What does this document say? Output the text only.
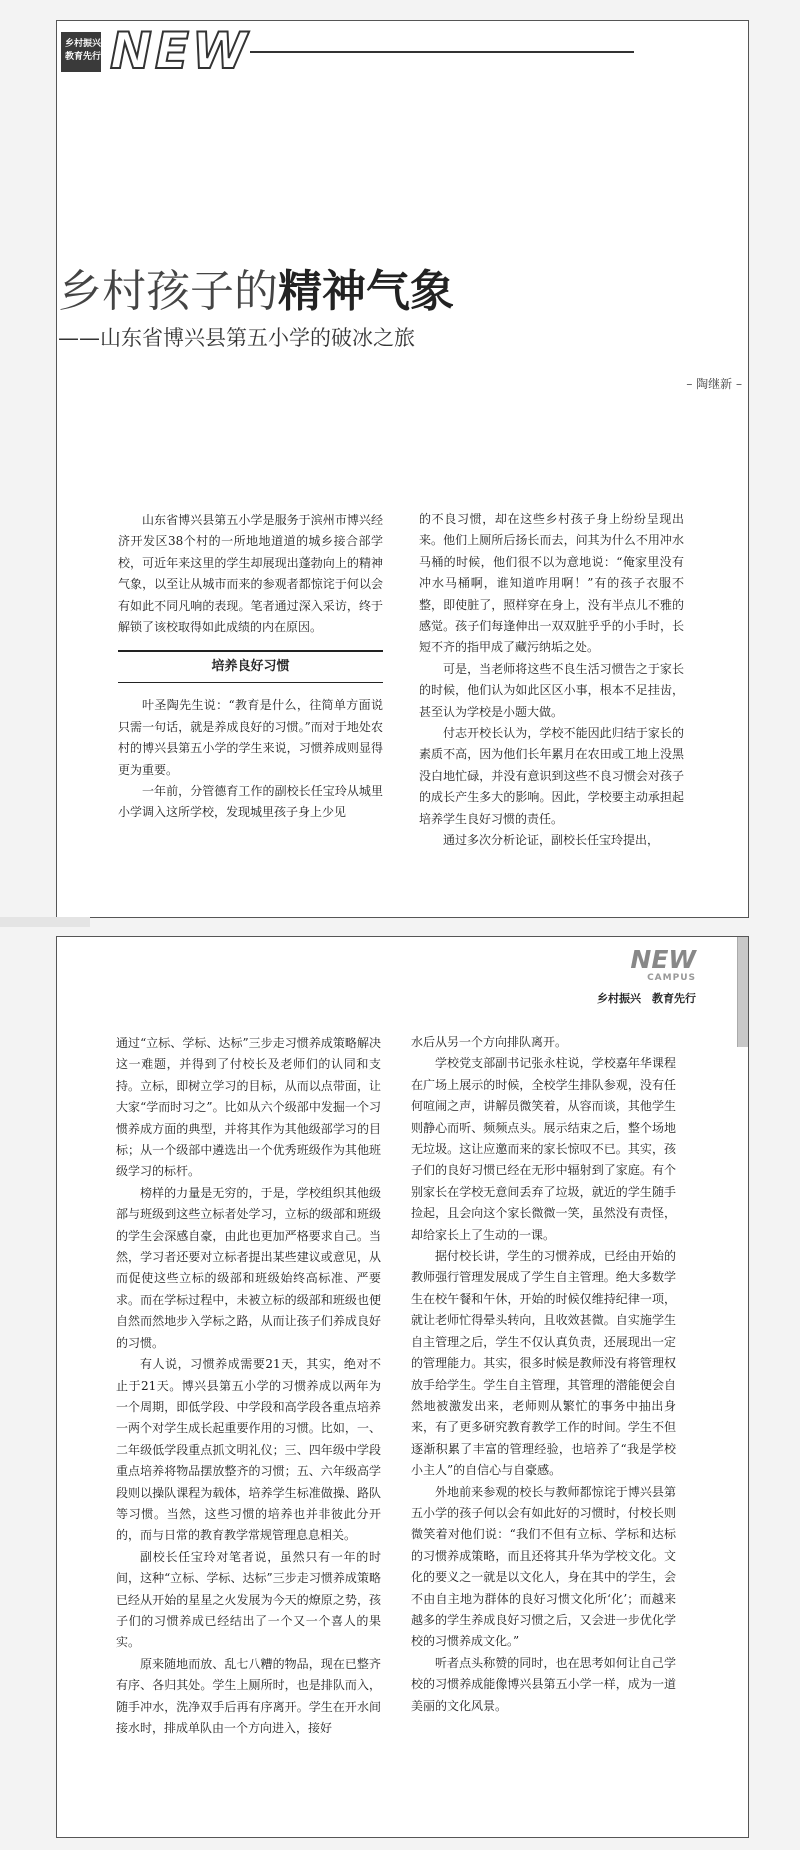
乡村振兴
教育先行 NEW
乡村孩子的精神气象
——山东省博兴县第五小学的破冰之旅
– 陶继新 –

山东省博兴县第五小学是服务于滨州市博兴经济开发区38个村的一所地地道道的城乡接合部学校，可近年来这里的学生却展现出蓬勃向上的精神气象，以至让从城市而来的参观者都惊诧于何以会有如此不同凡响的表现。笔者通过深入采访，终于解锁了该校取得如此成绩的内在原因。

培养良好习惯

叶圣陶先生说：“教育是什么，往简单方面说只需一句话，就是养成良好的习惯。”而对于地处农村的博兴县第五小学的学生来说，习惯养成则显得更为重要。

一年前，分管德育工作的副校长任宝玲从城里小学调入这所学校，发现城里孩子身上少见

的不良习惯，却在这些乡村孩子身上纷纷呈现出来。他们上厕所后扬长而去，问其为什么不用冲水马桶的时候，他们很不以为意地说：“俺家里没有冲水马桶啊，谁知道咋用啊！”有的孩子衣服不整，即使脏了，照样穿在身上，没有半点儿不雅的感觉。孩子们每逢伸出一双双脏乎乎的小手时，长短不齐的指甲成了藏污纳垢之处。

可是，当老师将这些不良生活习惯告之于家长的时候，他们认为如此区区小事，根本不足挂齿，甚至认为学校是小题大做。

付志开校长认为，学校不能因此归结于家长的素质不高，因为他们长年累月在农田或工地上没黑没白地忙碌，并没有意识到这些不良习惯会对孩子的成长产生多大的影响。因此，学校要主动承担起培养学生良好习惯的责任。

通过多次分析论证，副校长任宝玲提出，

NEW
CAMPUS
乡村振兴　教育先行

通过“立标、学标、达标”三步走习惯养成策略解决这一难题，并得到了付校长及老师们的认同和支持。立标，即树立学习的目标，从而以点带面，让大家“学而时习之”。比如从六个级部中发掘一个习惯养成方面的典型，并将其作为其他级部学习的目标；从一个级部中遴选出一个优秀班级作为其他班级学习的标杆。

榜样的力量是无穷的，于是，学校组织其他级部与班级到这些立标者处学习，立标的级部和班级的学生会深感自豪，由此也更加严格要求自己。当然，学习者还要对立标者提出某些建议或意见，从而促使这些立标的级部和班级始终高标准、严要求。而在学标过程中，未被立标的级部和班级也便自然而然地步入学标之路，从而让孩子们养成良好的习惯。

有人说，习惯养成需要21天，其实，绝对不止于21天。博兴县第五小学的习惯养成以两年为一个周期，即低学段、中学段和高学段各重点培养一两个对学生成长起重要作用的习惯。比如，一、二年级低学段重点抓文明礼仪；三、四年级中学段重点培养将物品摆放整齐的习惯；五、六年级高学段则以操队课程为载体，培养学生标准做操、路队等习惯。当然，这些习惯的培养也并非彼此分开的，而与日常的教育教学常规管理息息相关。

副校长任宝玲对笔者说，虽然只有一年的时间，这种“立标、学标、达标”三步走习惯养成策略已经从开始的星星之火发展为今天的燎原之势，孩子们的习惯养成已经结出了一个又一个喜人的果实。

原来随地而放、乱七八糟的物品，现在已整齐有序、各归其处。学生上厕所时，也是排队而入，随手冲水，洗净双手后再有序离开。学生在开水间接水时，排成单队由一个方向进入，接好

水后从另一个方向排队离开。

学校党支部副书记张永柱说，学校嘉年华课程在广场上展示的时候，全校学生排队参观，没有任何喧闹之声，讲解员微笑着，从容而谈，其他学生则静心而听、频频点头。展示结束之后，整个场地无垃圾。这让应邀而来的家长惊叹不已。其实，孩子们的良好习惯已经在无形中辐射到了家庭。有个别家长在学校无意间丢弃了垃圾，就近的学生随手捡起，且会向这个家长微微一笑，虽然没有责怪，却给家长上了生动的一课。

据付校长讲，学生的习惯养成，已经由开始的教师强行管理发展成了学生自主管理。绝大多数学生在校午餐和午休，开始的时候仅维持纪律一项，就让老师忙得晕头转向，且收效甚微。自实施学生自主管理之后，学生不仅认真负责，还展现出一定的管理能力。其实，很多时候是教师没有将管理权放手给学生。学生自主管理，其管理的潜能便会自然地被激发出来，老师则从繁忙的事务中抽出身来，有了更多研究教育教学工作的时间。学生不但逐渐积累了丰富的管理经验，也培养了“我是学校小主人”的自信心与自豪感。

外地前来参观的校长与教师都惊诧于博兴县第五小学的孩子何以会有如此好的习惯时，付校长则微笑着对他们说：“我们不但有立标、学标和达标的习惯养成策略，而且还将其升华为学校文化。文化的要义之一就是以文化人，身在其中的学生，会不由自主地为群体的良好习惯文化所‘化’；而越来越多的学生养成良好习惯之后，又会进一步优化学校的习惯养成文化。”

听者点头称赞的同时，也在思考如何让自己学校的习惯养成能像博兴县第五小学一样，成为一道美丽的文化风景。
